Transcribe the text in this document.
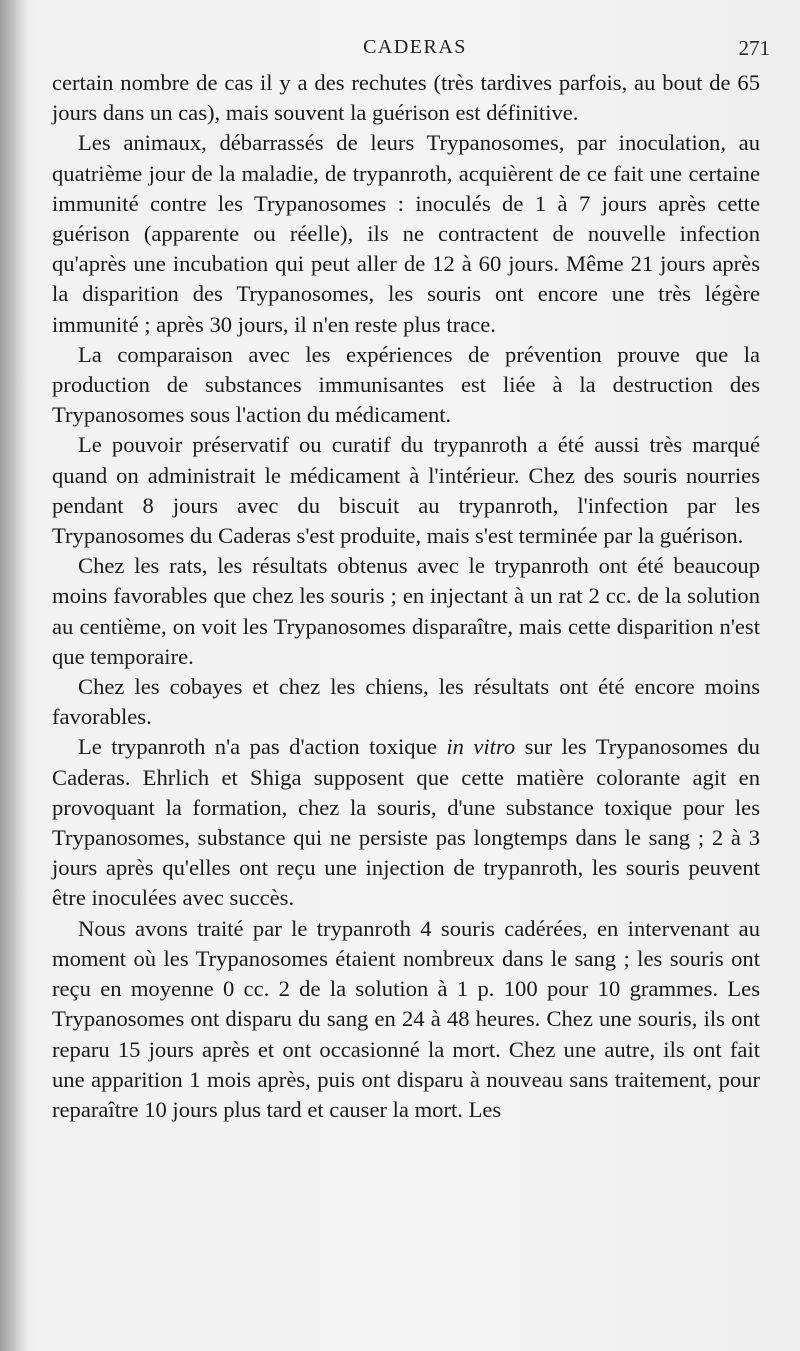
CADERAS	271

certain nombre de cas il y a des rechutes (très tardives parfois, au bout de 65 jours dans un cas), mais souvent la guérison est définitive.

Les animaux, débarrassés de leurs Trypanosomes, par inoculation, au quatrième jour de la maladie, de trypanroth, acquièrent de ce fait une certaine immunité contre les Trypanosomes : inoculés de 1 à 7 jours après cette guérison (apparente ou réelle), ils ne contractent de nouvelle infection qu'après une incubation qui peut aller de 12 à 60 jours. Même 21 jours après la disparition des Trypanosomes, les souris ont encore une très légère immunité ; après 30 jours, il n'en reste plus trace.

La comparaison avec les expériences de prévention prouve que la production de substances immunisantes est liée à la destruction des Trypanosomes sous l'action du médicament.

Le pouvoir préservatif ou curatif du trypanroth a été aussi très marqué quand on administrait le médicament à l'intérieur. Chez des souris nourries pendant 8 jours avec du biscuit au trypanroth, l'infection par les Trypanosomes du Caderas s'est produite, mais s'est terminée par la guérison.

Chez les rats, les résultats obtenus avec le trypanroth ont été beaucoup moins favorables que chez les souris ; en injectant à un rat 2 cc. de la solution au centième, on voit les Trypanosomes disparaître, mais cette disparition n'est que temporaire.

Chez les cobayes et chez les chiens, les résultats ont été encore moins favorables.

Le trypanroth n'a pas d'action toxique in vitro sur les Trypanosomes du Caderas. Ehrlich et Shiga supposent que cette matière colorante agit en provoquant la formation, chez la souris, d'une substance toxique pour les Trypanosomes, substance qui ne persiste pas longtemps dans le sang ; 2 à 3 jours après qu'elles ont reçu une injection de trypanroth, les souris peuvent être inoculées avec succès.

Nous avons traité par le trypanroth 4 souris cadérées, en intervenant au moment où les Trypanosomes étaient nombreux dans le sang ; les souris ont reçu en moyenne 0 cc. 2 de la solution à 1 p. 100 pour 10 grammes. Les Trypanosomes ont disparu du sang en 24 à 48 heures. Chez une souris, ils ont reparu 15 jours après et ont occasionné la mort. Chez une autre, ils ont fait une apparition 1 mois après, puis ont disparu à nouveau sans traitement, pour reparaître 10 jours plus tard et causer la mort. Les
